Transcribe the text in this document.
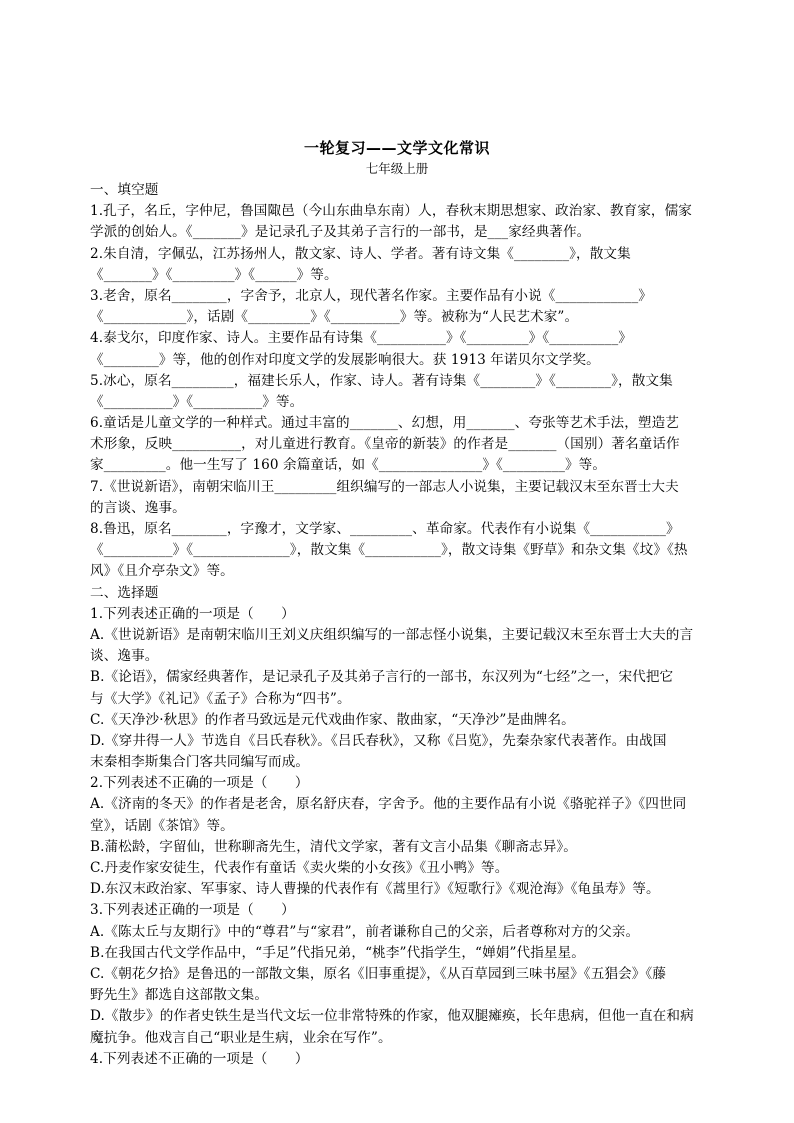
一轮复习——文学文化常识
七年级上册
一、填空题
1.孔子，名丘，字仲尼，鲁国陬邑（今山东曲阜东南）人，春秋末期思想家、政治家、教育家，儒家
学派的创始人。《_______》是记录孔子及其弟子言行的一部书，是___家经典著作。
2.朱自清，字佩弘，江苏扬州人，散文家、诗人、学者。著有诗文集《________》，散文集
《_______》《_________》《______》等。
3.老舍，原名________，字舍予，北京人，现代著名作家。主要作品有小说《____________》
《____________》，话剧《_________》《__________》等。被称为“人民艺术家”。
4.泰戈尔，印度作家、诗人。主要作品有诗集《__________》《_________》《__________》
《________》等，他的创作对印度文学的发展影响很大。获 1913 年诺贝尔文学奖。
5.冰心，原名_________，福建长乐人，作家、诗人。著有诗集《________》《________》，散文集
《__________》《__________》等。
6.童话是儿童文学的一种样式。通过丰富的_______、幻想，用_______、夸张等艺术手法，塑造艺
术形象，反映__________，对儿童进行教育。《皇帝的新装》的作者是_______（国别）著名童话作
家_________。他一生写了 160 余篇童话，如《_______________》《_________》等。
7.《世说新语》，南朝宋临川王_________组织编写的一部志人小说集，主要记载汉末至东晋士大夫
的言谈、逸事。
8.鲁迅，原名________，字豫才，文学家、_________、革命家。代表作有小说集《___________》
《__________》《______________》，散文集《___________》，散文诗集《野草》和杂文集《坟》《热
风》《且介亭杂文》等。
二、选择题
1.下列表述正确的一项是（　　）
A.《世说新语》是南朝宋临川王刘义庆组织编写的一部志怪小说集，主要记载汉末至东晋士大夫的言
谈、逸事。
B.《论语》，儒家经典著作，是记录孔子及其弟子言行的一部书，东汉列为“七经”之一，宋代把它
与《大学》《礼记》《孟子》合称为“四书”。
C.《天净沙·秋思》的作者马致远是元代戏曲作家、散曲家，“天净沙”是曲牌名。
D.《穿井得一人》节选自《吕氏春秋》。《吕氏春秋》，又称《吕览》，先秦杂家代表著作。由战国
末秦相李斯集合门客共同编写而成。
2.下列表述不正确的一项是（　　）
A.《济南的冬天》的作者是老舍，原名舒庆春，字舍予。他的主要作品有小说《骆驼祥子》《四世同
堂》，话剧《茶馆》等。
B.蒲松龄，字留仙，世称聊斋先生，清代文学家，著有文言小品集《聊斋志异》。
C.丹麦作家安徒生，代表作有童话《卖火柴的小女孩》《丑小鸭》等。
D.东汉末政治家、军事家、诗人曹操的代表作有《蒿里行》《短歌行》《观沧海》《龟虽寿》等。
3.下列表述正确的一项是（　　）
A.《陈太丘与友期行》中的“尊君”与“家君”，前者谦称自己的父亲，后者尊称对方的父亲。
B.在我国古代文学作品中，“手足”代指兄弟，“桃李”代指学生，“婵娟”代指星星。
C.《朝花夕拾》是鲁迅的一部散文集，原名《旧事重提》，《从百草园到三味书屋》《五猖会》《藤
野先生》都选自这部散文集。
D.《散步》的作者史铁生是当代文坛一位非常特殊的作家，他双腿瘫痪，长年患病，但他一直在和病
魔抗争。他戏言自己“职业是生病，业余在写作”。
4.下列表述不正确的一项是（　　）
